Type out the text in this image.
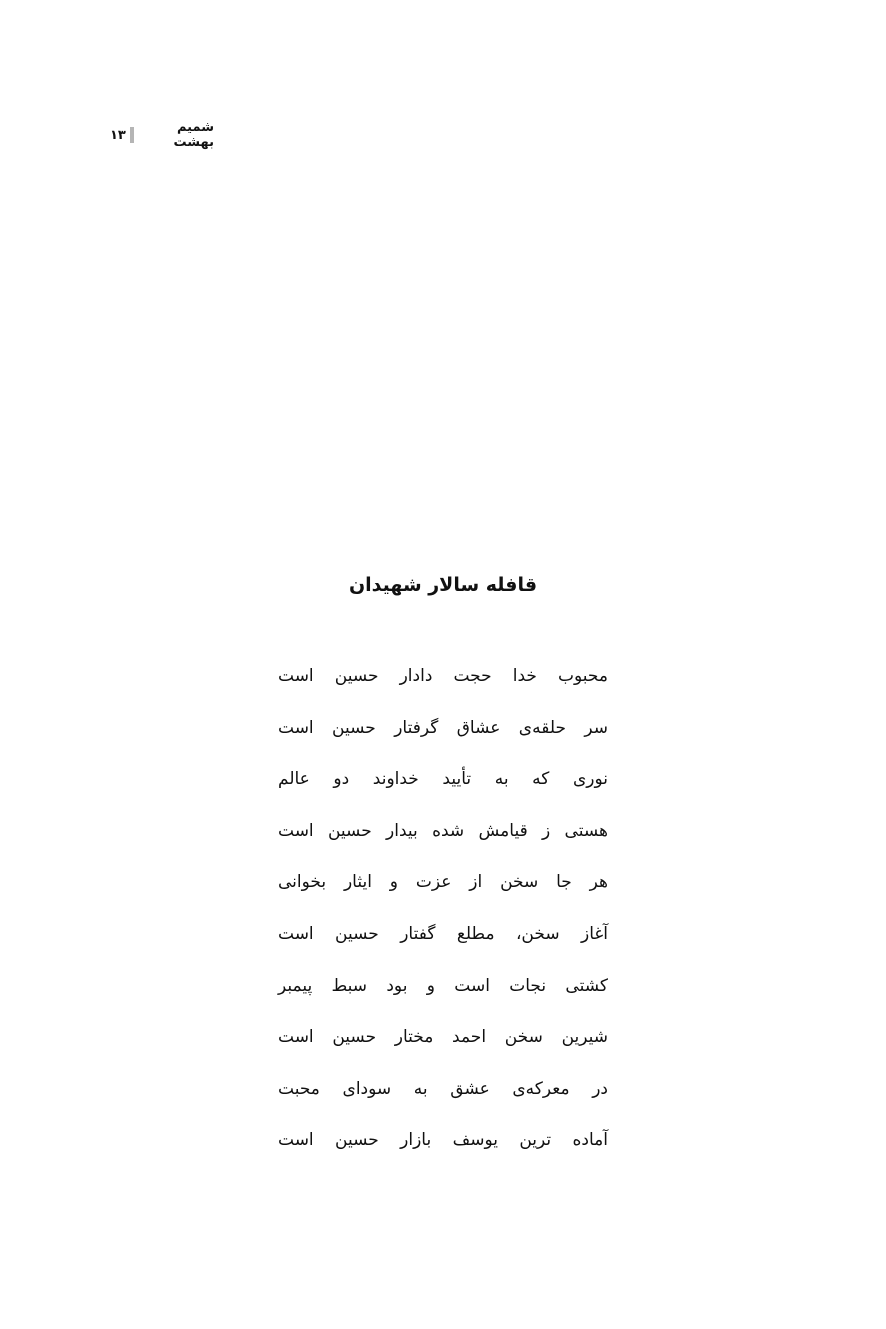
شمیم بهشت
۱۳
قافله سالار شهیدان
محبوب خدا حجت دادار حسین است
سر حلقه‌ی عشاق گرفتار حسین است
نوری که به تأیید خداوند دو عالم
هستی ز قیامش شده بیدار حسین است
هر جا سخن از عزت و ایثار بخوانی
آغاز سخن، مطلع گفتار حسین است
کشتی نجات است و بود سبط پیمبر
شیرین سخن احمد مختار حسین است
در معرکه‌ی عشق به سودای محبت
آماده ترین یوسف بازار حسین است
